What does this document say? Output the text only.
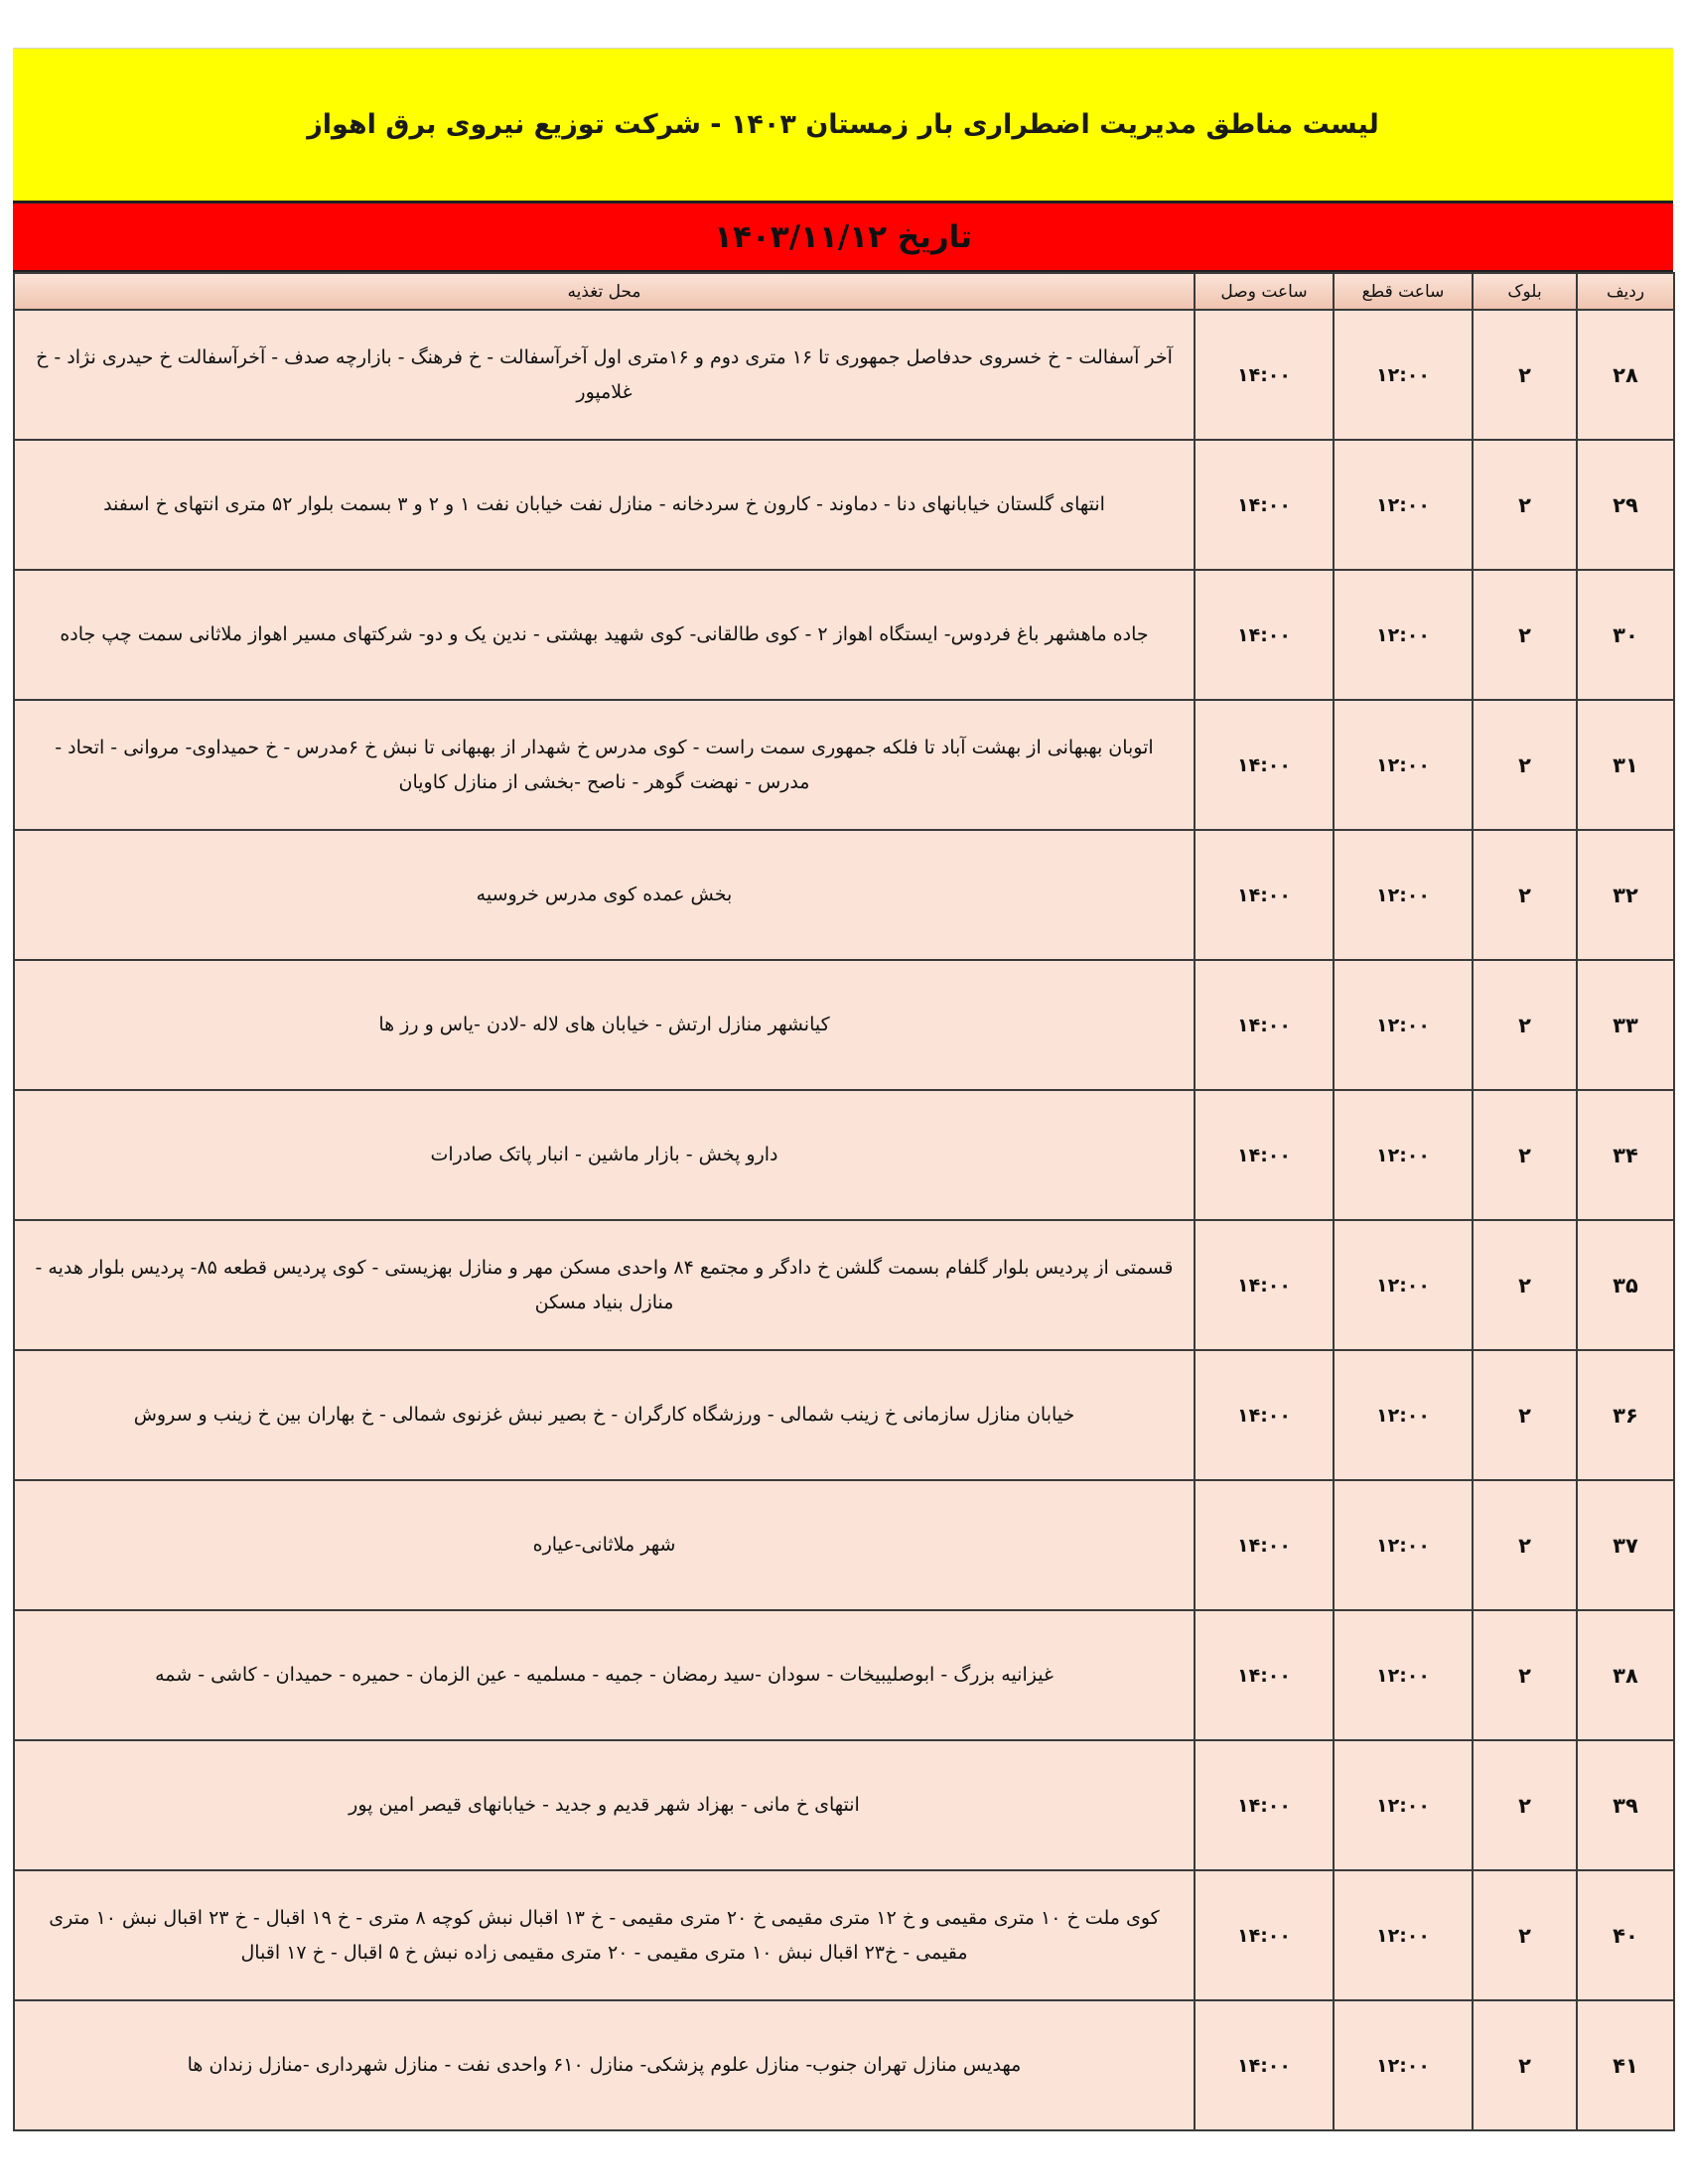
لیست مناطق مدیریت اضطراری بار زمستان ۱۴۰۳ - شرکت توزیع نیروی برق اهواز
تاریخ ۱۴۰۳/۱۱/۱۲
ردیف	بلوک	ساعت قطع	ساعت وصل	محل تغذیه
۲۸	۲	۱۲:۰۰	۱۴:۰۰	آخر آسفالت - خ خسروی حدفاصل جمهوری تا ۱۶ متری دوم و ۱۶متری اول آخرآسفالت - خ فرهنگ - بازارچه صدف - آخرآسفالت خ حیدری نژاد - خ غلامپور
۲۹	۲	۱۲:۰۰	۱۴:۰۰	انتهای گلستان خیابانهای دنا - دماوند - کارون خ سردخانه - منازل نفت خیابان نفت ۱ و ۲ و ۳ بسمت بلوار ۵۲ متری انتهای خ اسفند
۳۰	۲	۱۲:۰۰	۱۴:۰۰	جاده ماهشهر باغ فردوس- ایستگاه اهواز ۲ - کوی طالقانی- کوی شهید بهشتی - ندین یک و دو- شرکتهای مسیر اهواز ملاثانی سمت چپ جاده
۳۱	۲	۱۲:۰۰	۱۴:۰۰	اتوبان بهبهانی از بهشت آباد تا فلکه جمهوری سمت راست - کوی مدرس خ شهدار از بهبهانی تا نبش خ ۶مدرس - خ حمیداوی- مروانی - اتحاد - مدرس - نهضت گوهر - ناصح -بخشی از منازل کاویان
۳۲	۲	۱۲:۰۰	۱۴:۰۰	بخش عمده کوی مدرس خروسیه
۳۳	۲	۱۲:۰۰	۱۴:۰۰	کیانشهر منازل ارتش - خیابان های لاله -لادن -یاس و رز ها
۳۴	۲	۱۲:۰۰	۱۴:۰۰	دارو پخش - بازار ماشین - انبار پاتک صادرات
۳۵	۲	۱۲:۰۰	۱۴:۰۰	قسمتی از پردیس بلوار گلفام بسمت گلشن خ دادگر و مجتمع ۸۴ واحدی مسکن مهر و منازل بهزیستی - کوی پردیس قطعه ۸۵- پردیس بلوار هدیه - منازل بنیاد مسکن
۳۶	۲	۱۲:۰۰	۱۴:۰۰	خیابان منازل سازمانی خ زینب شمالی - ورزشگاه کارگران - خ بصیر نبش غزنوی شمالی - خ بهاران بین خ زینب و سروش
۳۷	۲	۱۲:۰۰	۱۴:۰۰	شهر ملاثانی-عیاره
۳۸	۲	۱۲:۰۰	۱۴:۰۰	غیزانیه بزرگ - ابوصلیبیخات - سودان -سید رمضان - جمیه - مسلمیه - عین الزمان - حمیره - حمیدان - کاشی - شمه
۳۹	۲	۱۲:۰۰	۱۴:۰۰	انتهای خ مانی - بهزاد شهر قدیم و جدید - خیابانهای قیصر امین پور
۴۰	۲	۱۲:۰۰	۱۴:۰۰	کوی ملت خ ۱۰ متری مقیمی و خ ۱۲ متری مقیمی خ ۲۰ متری مقیمی - خ ۱۳ اقبال نبش کوچه ۸ متری - خ ۱۹ اقبال - خ ۲۳ اقبال نبش ۱۰ متری مقیمی - خ۲۳ اقبال نبش ۱۰ متری مقیمی - ۲۰ متری مقیمی زاده نبش خ ۵ اقبال - خ ۱۷ اقبال
۴۱	۲	۱۲:۰۰	۱۴:۰۰	مهدیس منازل تهران جنوب- منازل علوم پزشکی- منازل ۶۱۰ واحدی نفت - منازل شهرداری -منازل زندان ها
